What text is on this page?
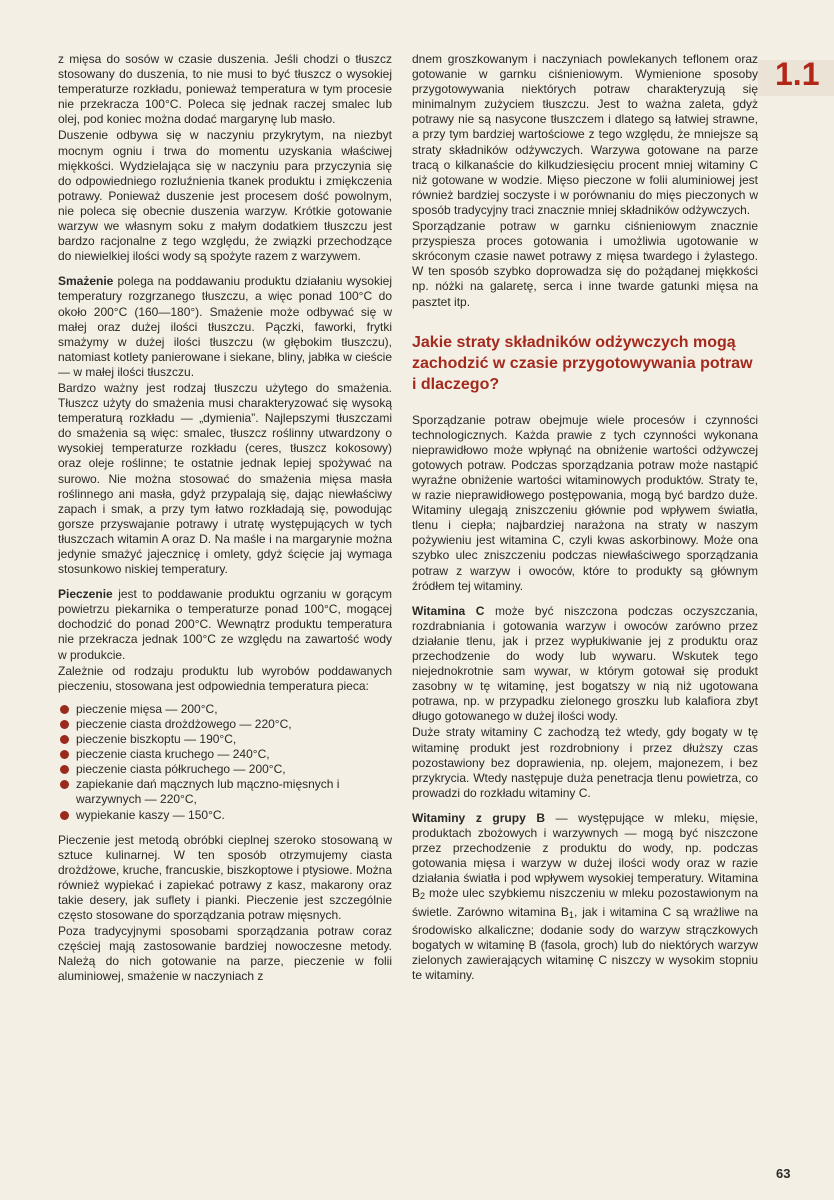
1.1

z mięsa do sosów w czasie duszenia. Jeśli chodzi o tłuszcz stosowany do duszenia, to nie musi to być tłuszcz o wysokiej temperaturze rozkładu, ponieważ temperatura w tym procesie nie przekracza 100°C. Poleca się jednak raczej smalec lub olej, pod koniec można dodać margarynę lub masło.

Duszenie odbywa się w naczyniu przykrytym, na niezbyt mocnym ogniu i trwa do momentu uzyskania właściwej miękkości. Wydzielająca się w naczyniu para przyczynia się do odpowiedniego rozluźnienia tkanek produktu i zmiękczenia potrawy. Ponieważ duszenie jest procesem dość powolnym, nie poleca się obecnie duszenia warzyw. Krótkie gotowanie warzyw we własnym soku z małym dodatkiem tłuszczu jest bardzo racjonalne z tego względu, że związki przechodzące do niewielkiej ilości wody są spożyte razem z warzywem.

Smażenie polega na poddawaniu produktu działaniu wysokiej temperatury rozgrzanego tłuszczu, a więc ponad 100°C do około 200°C (160—180°). Smażenie może odbywać się w małej oraz dużej ilości tłuszczu. Pączki, faworki, frytki smażymy w dużej ilości tłuszczu (w głębokim tłuszczu), natomiast kotlety panierowane i siekane, bliny, jabłka w cieście — w małej ilości tłuszczu.

Bardzo ważny jest rodzaj tłuszczu użytego do smażenia. Tłuszcz użyty do smażenia musi charakteryzować się wysoką temperaturą rozkładu — „dymienia”. Najlepszymi tłuszczami do smażenia są więc: smalec, tłuszcz roślinny utwardzony o wysokiej temperaturze rozkładu (ceres, tłuszcz kokosowy) oraz oleje roślinne; te ostatnie jednak lepiej spożywać na surowo. Nie można stosować do smażenia mięsa masła roślinnego ani masła, gdyż przypalają się, dając niewłaściwy zapach i smak, a przy tym łatwo rozkładają się, powodując gorsze przyswajanie potrawy i utratę występujących w tych tłuszczach witamin A oraz D. Na maśle i na margarynie można jedynie smażyć jajecznicę i omlety, gdyż ścięcie jaj wymaga stosunkowo niskiej temperatury.

Pieczenie jest to poddawanie produktu ogrzaniu w gorącym powietrzu piekarnika o temperaturze ponad 100°C, mogącej dochodzić do ponad 200°C. Wewnątrz produktu temperatura nie przekracza jednak 100°C ze względu na zawartość wody w produkcie.

Zależnie od rodzaju produktu lub wyrobów poddawanych pieczeniu, stosowana jest odpowiednia temperatura pieca:

pieczenie mięsa — 200°C,
pieczenie ciasta drożdżowego — 220°C,
pieczenie biszkoptu — 190°C,
pieczenie ciasta kruchego — 240°C,
pieczenie ciasta półkruchego — 200°C,
zapiekanie dań mącznych lub mączno-mięsnych i warzywnych — 220°C,
wypiekanie kaszy — 150°C.

Pieczenie jest metodą obróbki cieplnej szeroko stosowaną w sztuce kulinarnej. W ten sposób otrzymujemy ciasta drożdżowe, kruche, francuskie, biszkoptowe i ptysiowe. Można również wypiekać i zapiekać potrawy z kasz, makarony oraz takie desery, jak suflety i pianki. Pieczenie jest szczególnie często stosowane do sporządzania potraw mięsnych.

Poza tradycyjnymi sposobami sporządzania potraw coraz częściej mają zastosowanie bardziej nowoczesne metody. Należą do nich gotowanie na parze, pieczenie w folii aluminiowej, smażenie w naczyniach z

dnem groszkowanym i naczyniach powlekanych teflonem oraz gotowanie w garnku ciśnieniowym. Wymienione sposoby przygotowywania niektórych potraw charakteryzują się minimalnym zużyciem tłuszczu. Jest to ważna zaleta, gdyż potrawy nie są nasycone tłuszczem i dlatego są łatwiej strawne, a przy tym bardziej wartościowe z tego względu, że mniejsze są straty składników odżywczych. Warzywa gotowane na parze tracą o kilkanaście do kilkudziesięciu procent mniej witaminy C niż gotowane w wodzie. Mięso pieczone w folii aluminiowej jest również bardziej soczyste i w porównaniu do mięs pieczonych w sposób tradycyjny traci znacznie mniej składników odżywczych.

Sporządzanie potraw w garnku ciśnieniowym znacznie przyspiesza proces gotowania i umożliwia ugotowanie w skróconym czasie nawet potrawy z mięsa twardego i żylastego. W ten sposób szybko doprowadza się do pożądanej miękkości np. nóżki na galaretę, serca i inne twarde gatunki mięsa na pasztet itp.

Jakie straty składników odżywczych mogą zachodzić w czasie przygotowywania potraw i dlaczego?

Sporządzanie potraw obejmuje wiele procesów i czynności technologicznych. Każda prawie z tych czynności wykonana nieprawidłowo może wpłynąć na obniżenie wartości odżywczej gotowych potraw. Podczas sporządzania potraw może nastąpić wyraźne obniżenie wartości witaminowych produktów. Straty te, w razie nieprawidłowego postępowania, mogą być bardzo duże. Witaminy ulegają zniszczeniu głównie pod wpływem światła, tlenu i ciepła; najbardziej narażona na straty w naszym pożywieniu jest witamina C, czyli kwas askorbinowy. Może ona szybko ulec zniszczeniu podczas niewłaściwego sporządzania potraw z warzyw i owoców, które to produkty są głównym źródłem tej witaminy.

Witamina C może być niszczona podczas oczyszczania, rozdrabniania i gotowania warzyw i owoców zarówno przez działanie tlenu, jak i przez wypłukiwanie jej z produktu oraz przechodzenie do wody lub wywaru. Wskutek tego niejednokrotnie sam wywar, w którym gotował się produkt zasobny w tę witaminę, jest bogatszy w nią niż ugotowana potrawa, np. w przypadku zielonego groszku lub kalafiora zbyt długo gotowanego w dużej ilości wody.

Duże straty witaminy C zachodzą też wtedy, gdy bogaty w tę witaminę produkt jest rozdrobniony i przez dłuższy czas pozostawiony bez doprawienia, np. olejem, majonezem, i bez przykrycia. Wtedy następuje duża penetracja tlenu powietrza, co prowadzi do rozkładu witaminy C.

Witaminy z grupy B — występujące w mleku, mięsie, produktach zbożowych i warzywnych — mogą być niszczone przez przechodzenie z produktu do wody, np. podczas gotowania mięsa i warzyw w dużej ilości wody oraz w razie działania światła i pod wpływem wysokiej temperatury. Witamina $B_2$ może ulec szybkiemu niszczeniu w mleku pozostawionym na świetle. Zarówno witamina $B_1$, jak i witamina C są wrażliwe na środowisko alkaliczne; dodanie sody do warzyw strączkowych bogatych w witaminę B (fasola, groch) lub do niektórych warzyw zielonych zawierających witaminę C niszczy w wysokim stopniu te witaminy.

63
